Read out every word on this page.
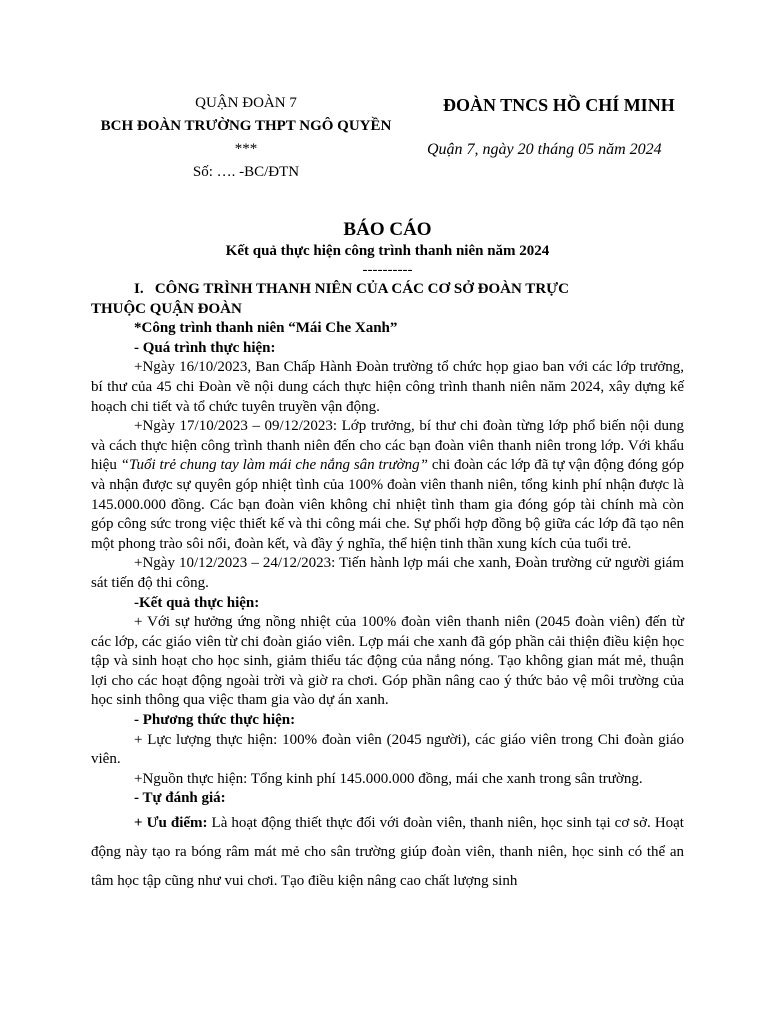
QUẬN ĐOÀN 7

BCH ĐOÀN TRƯỜNG THPT NGÔ QUYỀN

***

Số: …. -BC/ĐTN

ĐOÀN TNCS HỒ CHÍ MINH

Quận 7, ngày 20 tháng 05 năm 2024

BÁO CÁO

Kết quả thực hiện công trình thanh niên năm 2024

----------

I. CÔNG TRÌNH THANH NIÊN CỦA CÁC CƠ SỞ ĐOÀN TRỰC

THUỘC QUẬN ĐOÀN

*Công trình thanh niên “Mái Che Xanh”

- Quá trình thực hiện:

+Ngày 16/10/2023, Ban Chấp Hành Đoàn trường tổ chức họp giao ban với các lớp trưởng, bí thư của 45 chi Đoàn về nội dung cách thực hiện công trình thanh niên năm 2024, xây dựng kế hoạch chi tiết và tổ chức tuyên truyền vận động.

+Ngày 17/10/2023 – 09/12/2023: Lớp trưởng, bí thư chi đoàn từng lớp phổ biến nội dung và cách thực hiện công trình thanh niên đến cho các bạn đoàn viên thanh niên trong lớp. Với khẩu hiệu “Tuổi trẻ chung tay làm mái che nắng sân trường” chi đoàn các lớp đã tự vận động đóng góp và nhận được sự quyên góp nhiệt tình của 100% đoàn viên thanh niên, tổng kinh phí nhận được là 145.000.000 đồng. Các bạn đoàn viên không chỉ nhiệt tình tham gia đóng góp tài chính mà còn góp công sức trong việc thiết kế và thi công mái che. Sự phối hợp đồng bộ giữa các lớp đã tạo nên một phong trào sôi nổi, đoàn kết, và đầy ý nghĩa, thể hiện tinh thần xung kích của tuổi trẻ.

+Ngày 10/12/2023 – 24/12/2023: Tiến hành lợp mái che xanh, Đoàn trường cử người giám sát tiến độ thi công.

-Kết quả thực hiện:

+ Với sự hưởng ứng nồng nhiệt của 100% đoàn viên thanh niên (2045 đoàn viên) đến từ các lớp, các giáo viên từ chi đoàn giáo viên. Lợp mái che xanh đã góp phần cải thiện điều kiện học tập và sinh hoạt cho học sinh, giảm thiểu tác động của nắng nóng. Tạo không gian mát mẻ, thuận lợi cho các hoạt động ngoài trời và giờ ra chơi. Góp phần nâng cao ý thức bảo vệ môi trường của học sinh thông qua việc tham gia vào dự án xanh.

- Phương thức thực hiện:

+ Lực lượng thực hiện: 100% đoàn viên (2045 người), các giáo viên trong Chi đoàn giáo viên.

+Nguồn thực hiện: Tổng kinh phí 145.000.000 đồng, mái che xanh trong sân trường.

- Tự đánh giá:

+ Ưu điểm: Là hoạt động thiết thực đối với đoàn viên, thanh niên, học sinh tại cơ sở. Hoạt động này tạo ra bóng râm mát mẻ cho sân trường giúp đoàn viên, thanh niên, học sinh có thể an tâm học tập cũng như vui chơi. Tạo điều kiện nâng cao chất lượng sinh
